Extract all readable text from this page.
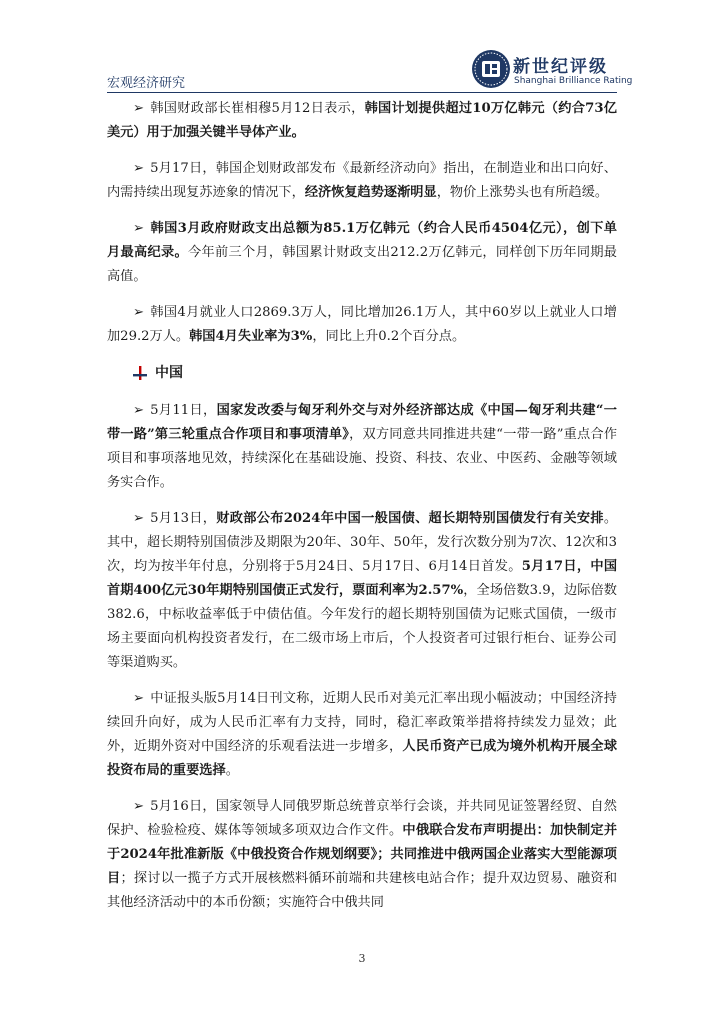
宏观经济研究
新世纪评级
Shanghai Brilliance Rating

➢ 韩国财政部长崔相穆5月12日表示，韩国计划提供超过10万亿韩元（约合73亿美元）用于加强关键半导体产业。

➢ 5月17日，韩国企划财政部发布《最新经济动向》指出，在制造业和出口向好、内需持续出现复苏迹象的情况下，经济恢复趋势逐渐明显，物价上涨势头也有所趋缓。

➢ 韩国3月政府财政支出总额为85.1万亿韩元（约合人民币4504亿元），创下单月最高纪录。今年前三个月，韩国累计财政支出212.2万亿韩元，同样创下历年同期最高值。

➢ 韩国4月就业人口2869.3万人，同比增加26.1万人，其中60岁以上就业人口增加29.2万人。韩国4月失业率为3%，同比上升0.2个百分点。

中国

➢ 5月11日，国家发改委与匈牙利外交与对外经济部达成《中国—匈牙利共建“一带一路”第三轮重点合作项目和事项清单》，双方同意共同推进共建“一带一路”重点合作项目和事项落地见效，持续深化在基础设施、投资、科技、农业、中医药、金融等领域务实合作。

➢ 5月13日，财政部公布2024年中国一般国债、超长期特别国债发行有关安排。其中，超长期特别国债涉及期限为20年、30年、50年，发行次数分别为7次、12次和3次，均为按半年付息，分别将于5月24日、5月17日、6月14日首发。5月17日，中国首期400亿元30年期特别国债正式发行，票面利率为2.57%，全场倍数3.9，边际倍数382.6，中标收益率低于中债估值。今年发行的超长期特别国债为记账式国债，一级市场主要面向机构投资者发行，在二级市场上市后，个人投资者可过银行柜台、证券公司等渠道购买。

➢ 中证报头版5月14日刊文称，近期人民币对美元汇率出现小幅波动；中国经济持续回升向好，成为人民币汇率有力支持，同时，稳汇率政策举措将持续发力显效；此外，近期外资对中国经济的乐观看法进一步增多，人民币资产已成为境外机构开展全球投资布局的重要选择。

➢ 5月16日，国家领导人同俄罗斯总统普京举行会谈，并共同见证签署经贸、自然保护、检验检疫、媒体等领域多项双边合作文件。中俄联合发布声明提出：加快制定并于2024年批准新版《中俄投资合作规划纲要》；共同推进中俄两国企业落实大型能源项目；探讨以一揽子方式开展核燃料循环前端和共建核电站合作；提升双边贸易、融资和其他经济活动中的本币份额；实施符合中俄共同

3
